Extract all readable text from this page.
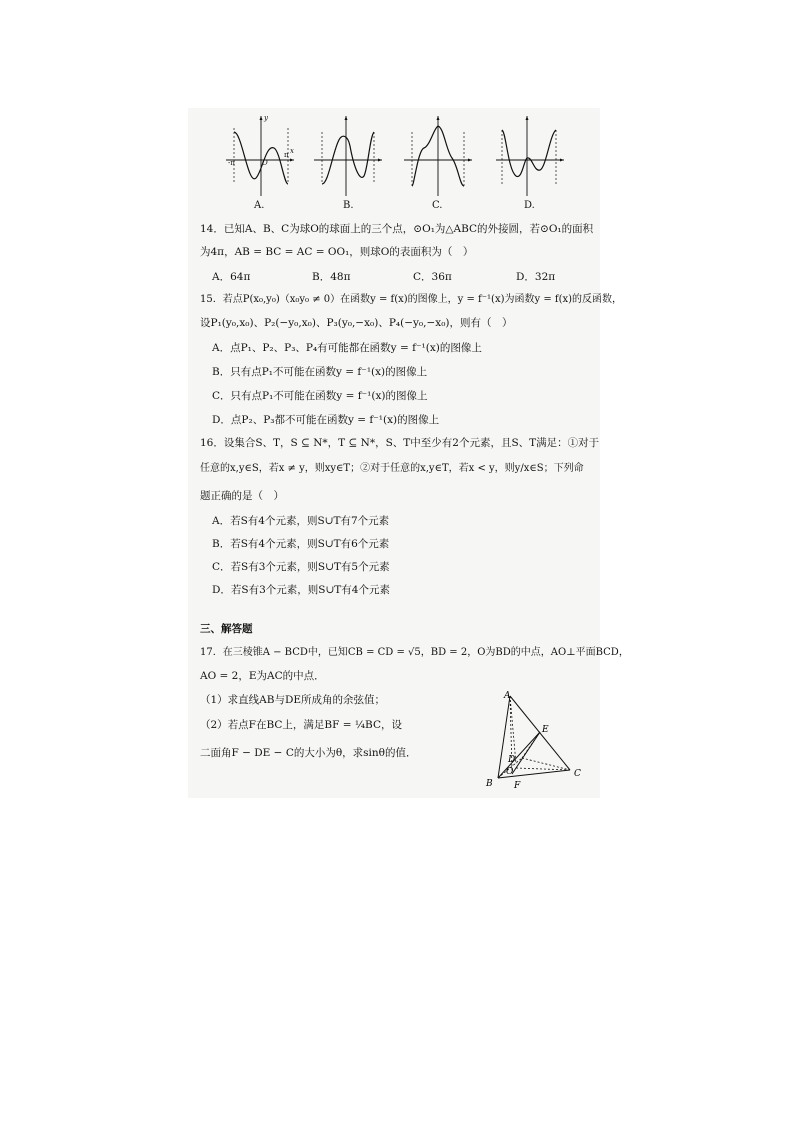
A.	B.	C.	D.
y
x
O
-π
π
14．已知A、B、C为球O的球面上的三个点，⊙O₁为△ABC的外接圆，若⊙O₁的面积
为4π，AB = BC = AC = OO₁，则球O的表面积为（　）
A．64π	B．48π	C．36π	D．32π
15．若点P(x₀,y₀)（x₀y₀ ≠ 0）在函数y = f(x)的图像上，y = f⁻¹(x)为函数y = f(x)的反函数，
设P₁(y₀,x₀)、P₂(−y₀,x₀)、P₃(y₀,−x₀)、P₄(−y₀,−x₀)，则有（　）
A．点P₁、P₂、P₃、P₄有可能都在函数y = f⁻¹(x)的图像上
B．只有点P₁不可能在函数y = f⁻¹(x)的图像上
C．只有点P₁不可能在函数y = f⁻¹(x)的图像上
D．点P₂、P₃都不可能在函数y = f⁻¹(x)的图像上
16．设集合S、T，S ⊆ N*，T ⊆ N*，S、T中至少有2个元素，且S、T满足：①对于
任意的x,y∈S，若x ≠ y，则xy∈T；②对于任意的x,y∈T，若x < y，则y/x∈S；下列命
题正确的是（　）
A．若S有4个元素，则S∪T有7个元素
B．若S有4个元素，则S∪T有6个元素
C．若S有3个元素，则S∪T有5个元素
D．若S有3个元素，则S∪T有4个元素
三、解答题
17．在三棱锥A − BCD中，已知CB = CD = √5，BD = 2，O为BD的中点，AO⊥平面BCD，
AO = 2，E为AC的中点．
（1）求直线AB与DE所成角的余弦值；
（2）若点F在BC上，满足BF = ¼BC，设
二面角F − DE − C的大小为θ，求sinθ的值．
A
B
C
D
E
F
O
